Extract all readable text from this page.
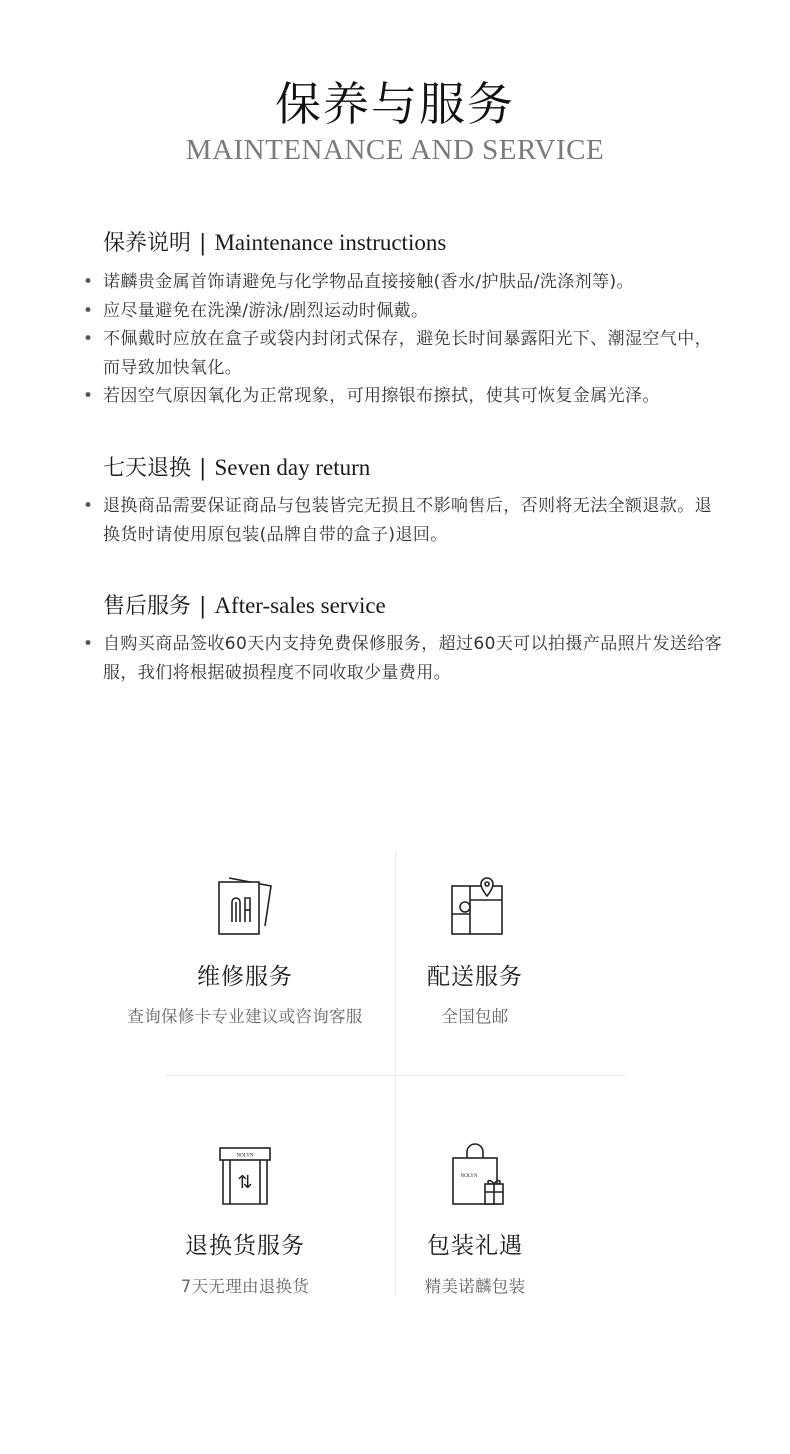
保养与服务
MAINTENANCE AND SERVICE
保养说明 | Maintenance instructions
• 诺麟贵金属首饰请避免与化学物品直接接触(香水/护肤品/洗涤剂等)。
• 应尽量避免在洗澡/游泳/剧烈运动时佩戴。
• 不佩戴时应放在盒子或袋内封闭式保存，避免长时间暴露阳光下、潮湿空气中，而导致加快氧化。
• 若因空气原因氧化为正常现象，可用擦银布擦拭，使其可恢复金属光泽。
七天退换 | Seven day return
• 退换商品需要保证商品与包装皆完无损且不影响售后，否则将无法全额退款。退换货时请使用原包装(品牌自带的盒子)退回。
售后服务 | After-sales service
• 自购买商品签收60天内支持免费保修服务，超过60天可以拍摄产品照片发送给客服，我们将根据破损程度不同收取少量费用。
维修服务
查询保修卡专业建议或咨询客服
配送服务
全国包邮
NOLYN
⇅
退换货服务
7天无理由退换货
NOLYN
包装礼遇
精美诺麟包装
